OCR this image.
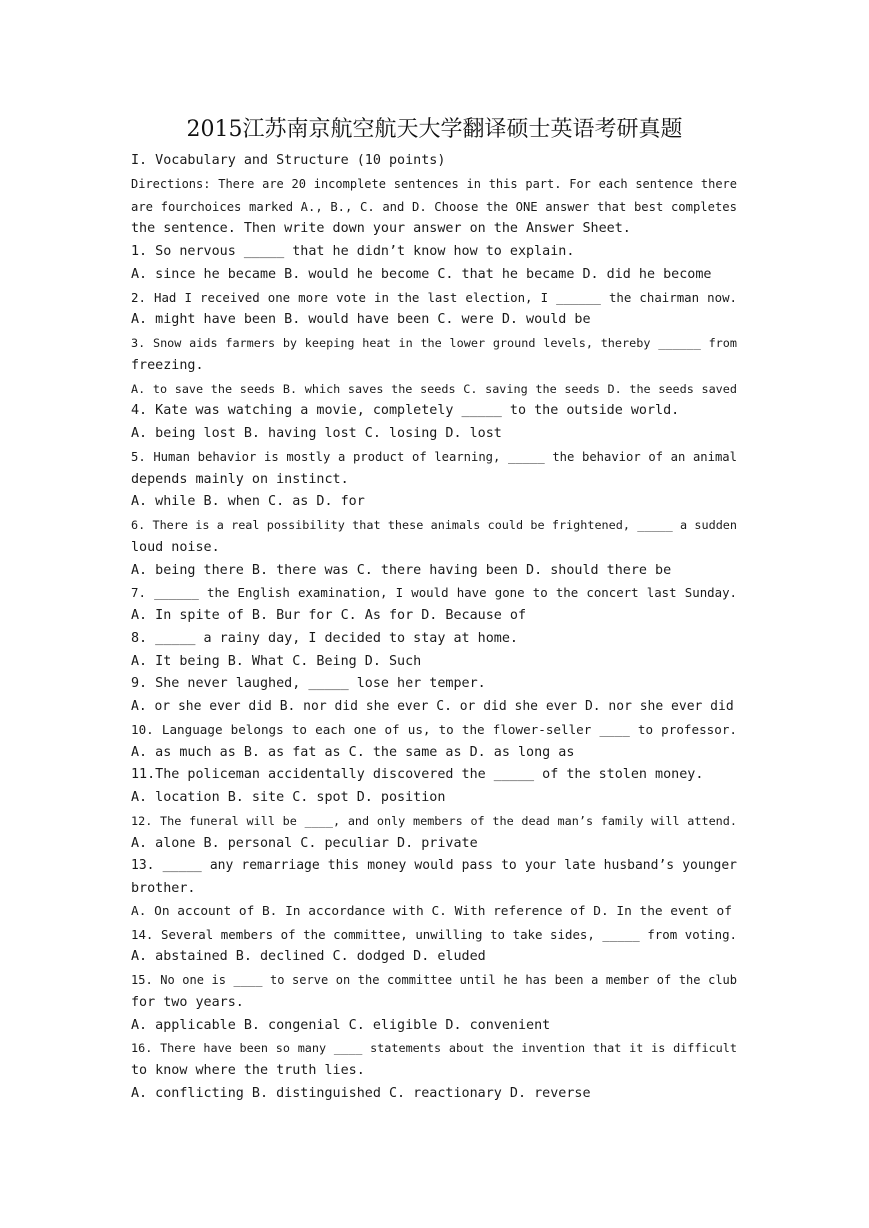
2015江苏南京航空航天大学翻译硕士英语考研真题
I. Vocabulary and Structure (10 points)
Directions: There are 20 incomplete sentences in this part. For each sentence there
are fourchoices marked A., B., C. and D. Choose the ONE answer that best completes
the sentence. Then write down your answer on the Answer Sheet.
1. So nervous _____ that he didn’t know how to explain.
A. since he became B. would he become C. that he became D. did he become
2. Had I received one more vote in the last election, I ______ the chairman now.
A. might have been B. would have been C. were D. would be
3. Snow aids farmers by keeping heat in the lower ground levels, thereby ______ from
freezing.
A. to save the seeds B. which saves the seeds C. saving the seeds D. the seeds saved
4. Kate was watching a movie, completely _____ to the outside world.
A. being lost B. having lost C. losing D. lost
5. Human behavior is mostly a product of learning, _____ the behavior of an animal
depends mainly on instinct.
A. while B. when C. as D. for
6. There is a real possibility that these animals could be frightened, _____ a sudden
loud noise.
A. being there B. there was C. there having been D. should there be
7. ______ the English examination, I would have gone to the concert last Sunday.
A. In spite of B. Bur for C. As for D. Because of
8. _____ a rainy day, I decided to stay at home.
A. It being B. What C. Being D. Such
9. She never laughed, _____ lose her temper.
A. or she ever did B. nor did she ever C. or did she ever D. nor she ever did
10. Language belongs to each one of us, to the flower-seller ____ to professor.
A. as much as B. as fat as C. the same as D. as long as
11.The policeman accidentally discovered the _____ of the stolen money.
A. location B. site C. spot D. position
12. The funeral will be ____, and only members of the dead man’s family will attend.
A. alone B. personal C. peculiar D. private
13. _____ any remarriage this money would pass to your late husband’s younger
brother.
A. On account of B. In accordance with C. With reference of D. In the event of
14. Several members of the committee, unwilling to take sides, _____ from voting.
A. abstained B. declined C. dodged D. eluded
15. No one is ____ to serve on the committee until he has been a member of the club
for two years.
A. applicable B. congenial C. eligible D. convenient
16. There have been so many ____ statements about the invention that it is difficult
to know where the truth lies.
A. conflicting B. distinguished C. reactionary D. reverse
